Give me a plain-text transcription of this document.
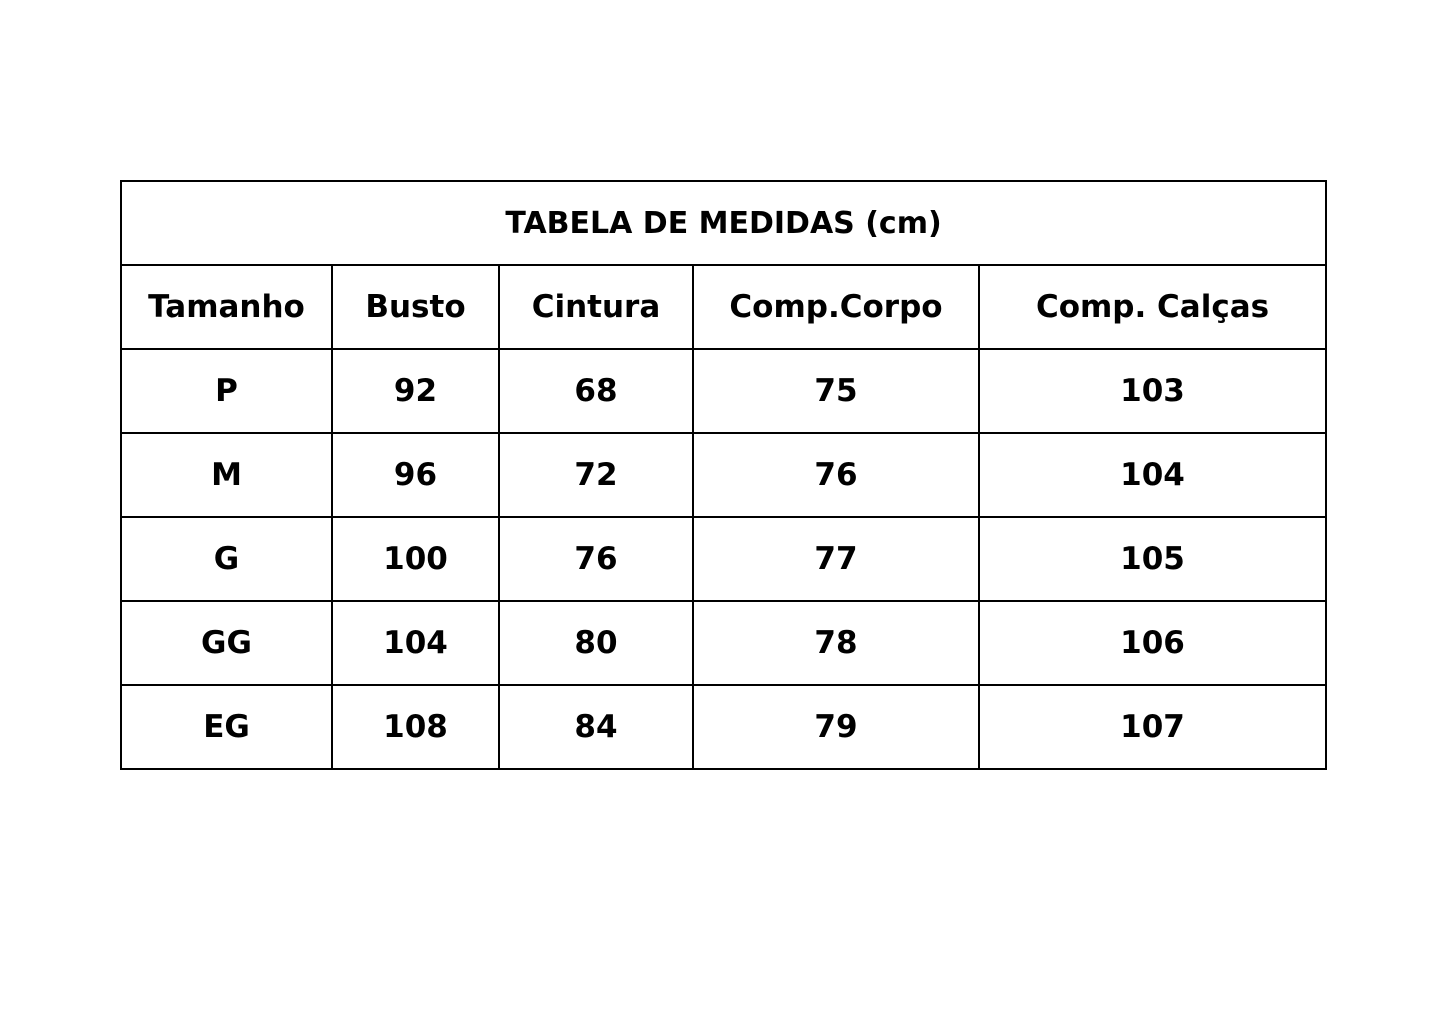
TABELA DE MEDIDAS (cm)				
Tamanho	Busto	Cintura	Comp.Corpo	Comp. Calças
P	92	68	75	103
M	96	72	76	104
G	100	76	77	105
GG	104	80	78	106
EG	108	84	79	107
